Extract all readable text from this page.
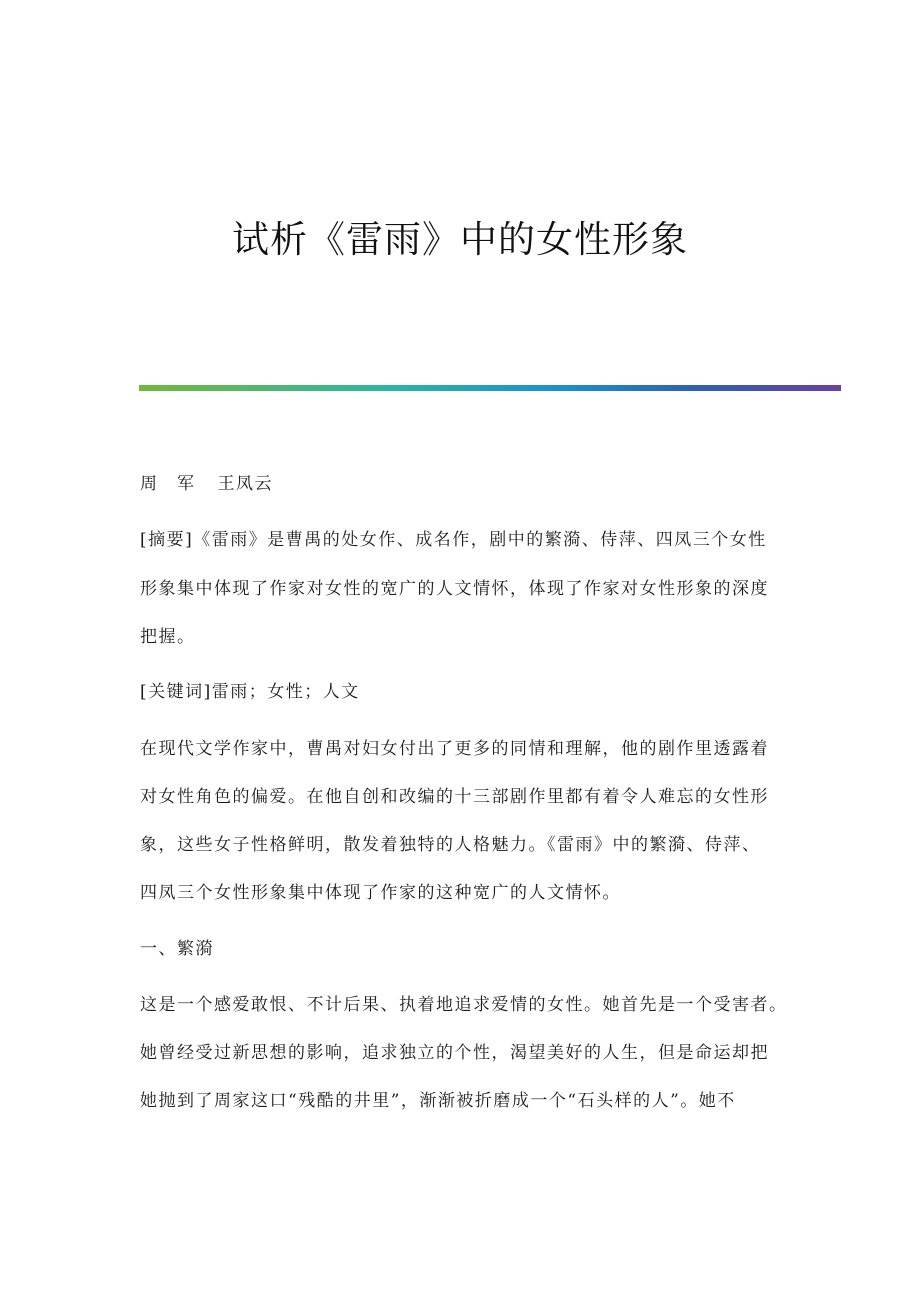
试析《雷雨》中的女性形象
周　军 王凤云
[摘要]《雷雨》是曹禺的处女作、成名作，剧中的繁漪、侍萍、四凤三个女性
形象集中体现了作家对女性的宽广的人文情怀，体现了作家对女性形象的深度
把握。
[关键词]雷雨；女性；人文
在现代文学作家中，曹禺对妇女付出了更多的同情和理解，他的剧作里透露着
对女性角色的偏爱。在他自创和改编的十三部剧作里都有着令人难忘的女性形
象，这些女子性格鲜明，散发着独特的人格魅力。《雷雨》中的繁漪、侍萍、
四凤三个女性形象集中体现了作家的这种宽广的人文情怀。
一、繁漪
这是一个感爱敢恨、不计后果、执着地追求爱情的女性。她首先是一个受害者。
她曾经受过新思想的影响，追求独立的个性，渴望美好的人生，但是命运却把
她抛到了周家这口“残酷的井里”，渐渐被折磨成一个“石头样的人”。她不
